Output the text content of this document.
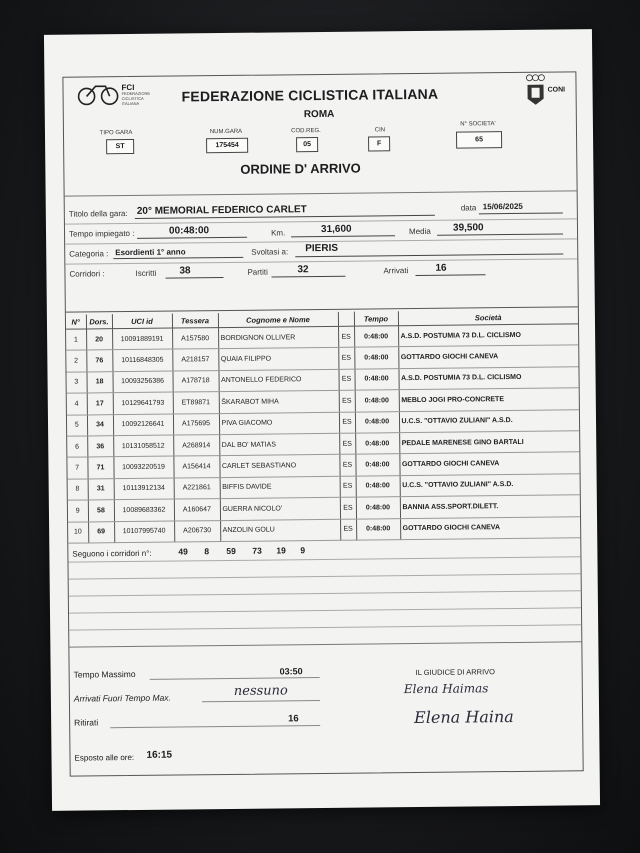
FCI
FEDERAZIONE CICLISTICA ITALIANA	FEDERAZIONE CICLISTICA ITALIANA
ROMA
CONI
TIPO GARA
ST
NUM.GARA
175454
COD.REG.
05
CIN
F
N° SOCIETA'
65
ORDINE D' ARRIVO
Titolo della gara: 20° MEMORIAL FEDERICO CARLET	data 15/06/2025
Tempo impiegato :	00:48:00	Km.	31,600	Media 39,500
Categoria : Esordienti 1° anno	Svoltasi a: PIERIS
Corridori :	Iscritti 38	Partiti	32	Arrivati	16
N°	Dors.	UCI id	Tessera	Cognome e Nome		Tempo	Società
1	20	10091889191	A157580	BORDIGNON OLLIVER	ES	0:48:00	A.S.D. POSTUMIA 73 D.L. CICLISMO
2	76	10116848305	A218157	QUAIA FILIPPO	ES	0:48:00	GOTTARDO GIOCHI CANEVA
3	18	10093256386	A178718	ANTONELLO FEDERICO	ES	0:48:00	A.S.D. POSTUMIA 73 D.L. CICLISMO
4	17	10129641793	ET89871	ŠKARABOT MIHA	ES	0:48:00	MEBLO JOGI PRO-CONCRETE
5	34	10092126641	A175695	PIVA GIACOMO	ES	0:48:00	U.C.S. "OTTAVIO ZULIANI" A.S.D.
6	36	10131058512	A268914	DAL BO' MATIAS	ES	0:48:00	PEDALE MARENESE GINO BARTALI
7	71	10093220519	A156414	CARLET SEBASTIANO	ES	0:48:00	GOTTARDO GIOCHI CANEVA
8	31	10113912134	A221861	BIFFIS DAVIDE	ES	0:48:00	U.C.S. "OTTAVIO ZULIANI" A.S.D.
9	58	10089683362	A160647	GUERRA NICOLO'	ES	0:48:00	BANNIA ASS.SPORT.DILETT.
10	69	10107995740	A206730	ANZOLIN GOLU	ES	0:48:00	GOTTARDO GIOCHI CANEVA
Seguono i corridori n°:	49 8 59 73 19 9
Tempo Massimo	03:50
Arrivati Fuori Tempo Max.	nessuno
Ritirati	16
Esposto alle ore: 16:15
IL GIUDICE DI ARRIVO
Elena Haimas
Elena Haina
